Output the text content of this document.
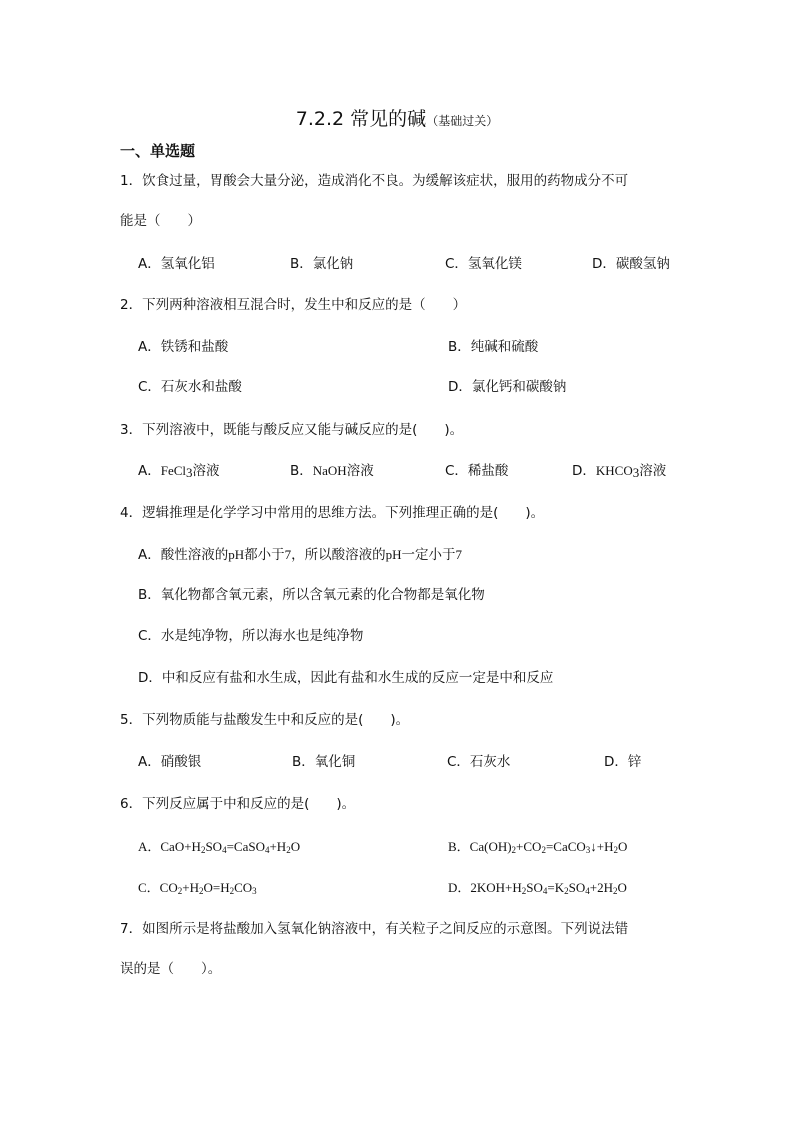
7.2.2 常见的碱（基础过关）
一、单选题
1．饮食过量，胃酸会大量分泌，造成消化不良。为缓解该症状，服用的药物成分不可
能是（　　）
A．氢氧化铝	B．氯化钠	C．氢氧化镁	D．碳酸氢钠
2．下列两种溶液相互混合时，发生中和反应的是（　　）
A．铁锈和盐酸	B．纯碱和硫酸
C．石灰水和盐酸	D．氯化钙和碳酸钠
3．下列溶液中，既能与酸反应又能与碱反应的是(　　)。
A．FeCl$_3$溶液	B．NaOH溶液	C．稀盐酸	D．$KHCO_3$溶液
4．逻辑推理是化学学习中常用的思维方法。下列推理正确的是(　　)。
A．酸性溶液的pH都小于7，所以酸溶液的pH一定小于7
B．氧化物都含氧元素，所以含氧元素的化合物都是氧化物
C．水是纯净物，所以海水也是纯净物
D．中和反应有盐和水生成，因此有盐和水生成的反应一定是中和反应
5．下列物质能与盐酸发生中和反应的是(　　)。
A．硝酸银	B．氧化铜	C．石灰水	D．锌
6．下列反应属于中和反应的是(　　)。
A．$CaO+H_2SO_4=CaSO_4+H_2O$	B．$Ca(OH)_2+CO_2=CaCO_3↓+H_2O$
C．$CO_2+H_2O=H_2CO_3$	D．$2KOH+H_2SO_4=K_2SO_4+2H_2O$
7．如图所示是将盐酸加入氢氧化钠溶液中，有关粒子之间反应的示意图。下列说法错
误的是（　　）。
